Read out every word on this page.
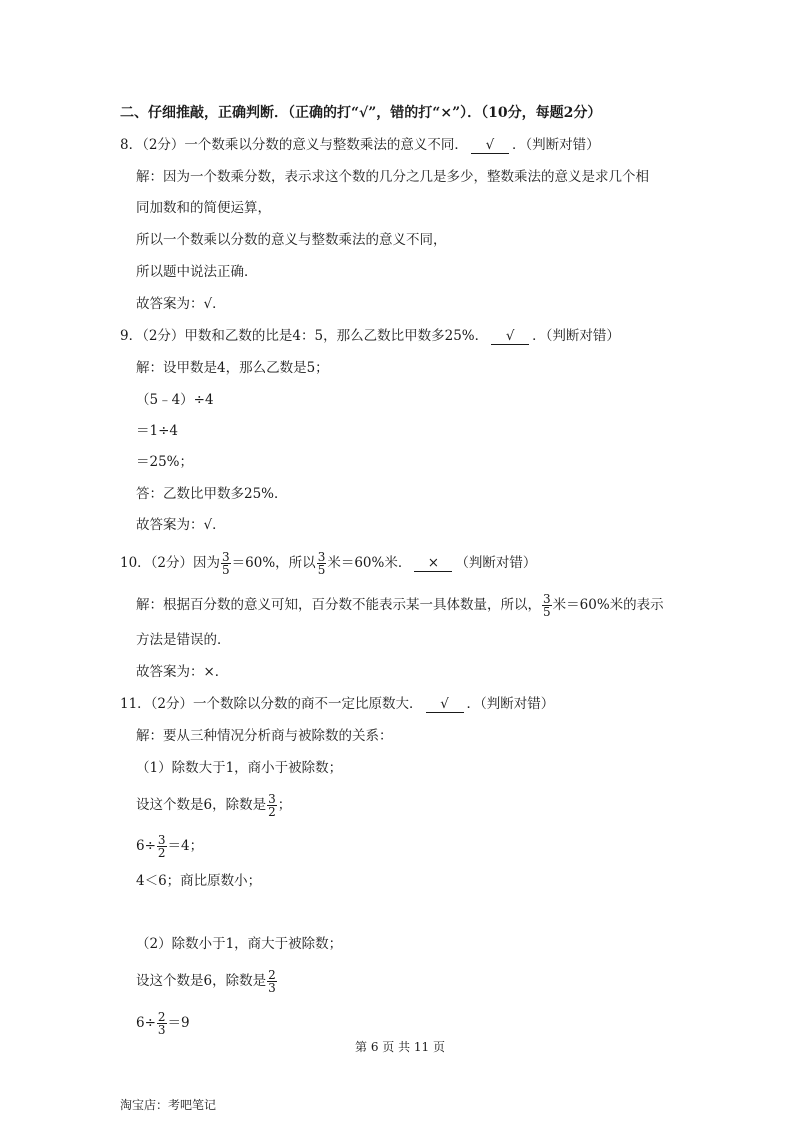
二、仔细推敲，正确判断．（正确的打“√”，错的打“×”）．（10分，每题2分）
8．（2分）一个数乘以分数的意义与整数乘法的意义不同． √ ．（判断对错）
解：因为一个数乘分数，表示求这个数的几分之几是多少，整数乘法的意义是求几个相
同加数和的简便运算，
所以一个数乘以分数的意义与整数乘法的意义不同，
所以题中说法正确．
故答案为：√．
9．（2分）甲数和乙数的比是4：5，那么乙数比甲数多25%． √ ．（判断对错）
解：设甲数是4，那么乙数是5；
（5﹣4）÷4
＝1÷4
＝25%；
答：乙数比甲数多25%．
故答案为：√．
10．（2分）因为 $\frac{3}{5} =60\%$，所以 $\frac{3}{5}$ 米＝60%米． × （判断对错）
解：根据百分数的意义可知，百分数不能表示某一具体数量，所以， $\frac{3}{5}$ 米＝60%米的表示
方法是错误的．
故答案为：×．
11．（2分）一个数除以分数的商不一定比原数大． √ ．（判断对错）
解：要从三种情况分析商与被除数的关系：
（1）除数大于1，商小于被除数；
设这个数是6，除数是 $\frac{3}{2}$ ；
$6\div \frac{3}{2} =4$；
4＜6；商比原数小；
（2）除数小于1，商大于被除数；
设这个数是6，除数是 $\frac{2}{3}$
$6\div \frac{2}{3} =9$
第 6 页 共 11 页
淘宝店：考吧笔记
